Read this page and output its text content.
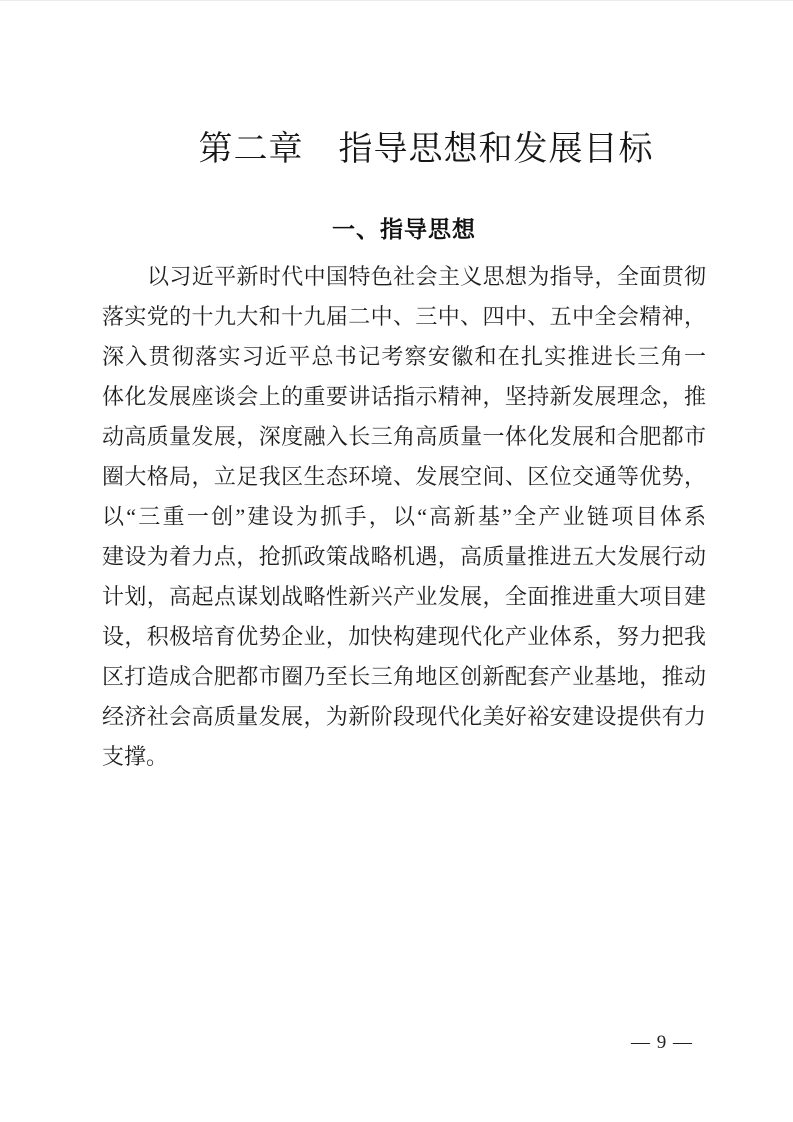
第二章　指导思想和发展目标
一、指导思想
以习近平新时代中国特色社会主义思想为指导，全面贯彻
落实党的十九大和十九届二中、三中、四中、五中全会精神，
深入贯彻落实习近平总书记考察安徽和在扎实推进长三角一
体化发展座谈会上的重要讲话指示精神，坚持新发展理念，推
动高质量发展，深度融入长三角高质量一体化发展和合肥都市
圈大格局，立足我区生态环境、发展空间、区位交通等优势，
以“三重一创”建设为抓手，以“高新基”全产业链项目体系
建设为着力点，抢抓政策战略机遇，高质量推进五大发展行动
计划，高起点谋划战略性新兴产业发展，全面推进重大项目建
设，积极培育优势企业，加快构建现代化产业体系，努力把我
区打造成合肥都市圈乃至长三角地区创新配套产业基地，推动
经济社会高质量发展，为新阶段现代化美好裕安建设提供有力
支撑。
— 9 —
